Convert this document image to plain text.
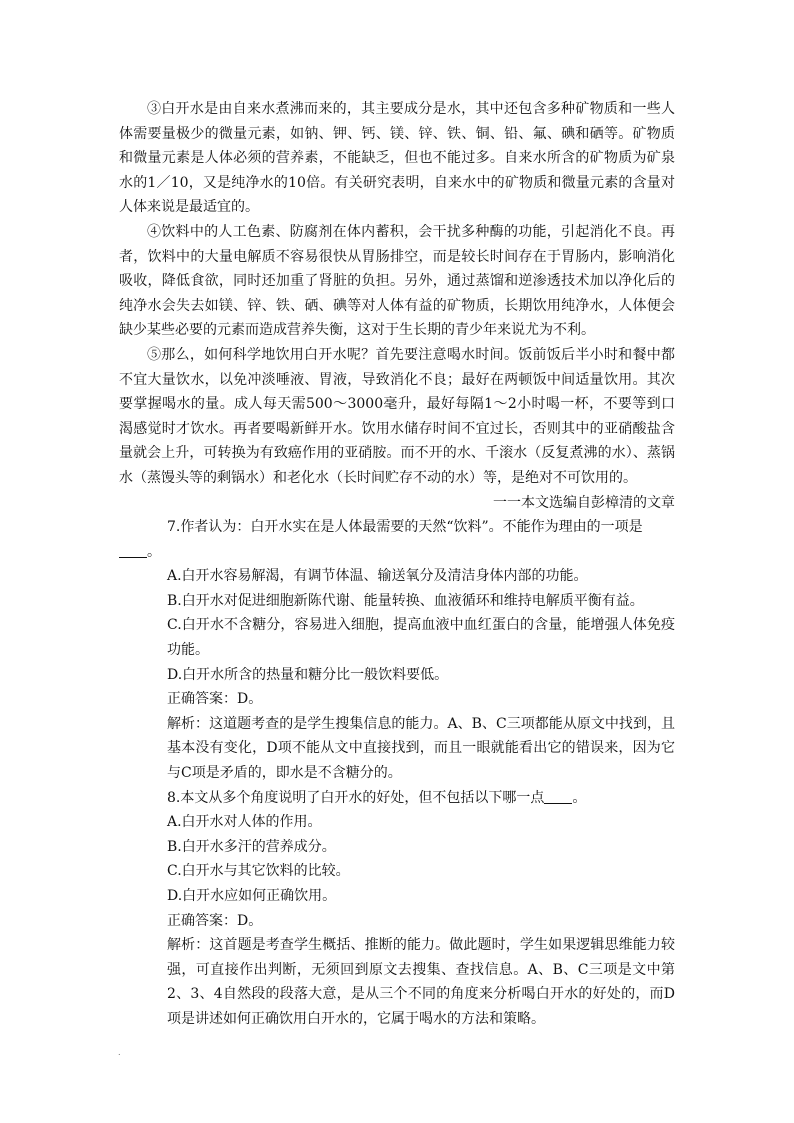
③白开水是由自来水煮沸而来的，其主要成分是水，其中还包含多种矿物质和一些人体需要量极少的微量元素，如钠、钾、钙、镁、锌、铁、铜、铅、氟、碘和硒等。矿物质和微量元素是人体必须的营养素，不能缺乏，但也不能过多。自来水所含的矿物质为矿泉水的1／10，又是纯净水的10倍。有关研究表明，自来水中的矿物质和微量元素的含量对人体来说是最适宜的。

④饮料中的人工色素、防腐剂在体内蓄积，会干扰多种酶的功能，引起消化不良。再者，饮料中的大量电解质不容易很快从胃肠排空，而是较长时间存在于胃肠内，影响消化吸收，降低食欲，同时还加重了肾脏的负担。另外，通过蒸馏和逆渗透技术加以净化后的纯净水会失去如镁、锌、铁、硒、碘等对人体有益的矿物质，长期饮用纯净水，人体便会缺少某些必要的元素而造成营养失衡，这对于生长期的青少年来说尤为不利。

⑤那么，如何科学地饮用白开水呢？首先要注意喝水时间。饭前饭后半小时和餐中都不宜大量饮水，以免冲淡唾液、胃液，导致消化不良；最好在两顿饭中间适量饮用。其次要掌握喝水的量。成人每天需500～3000毫升，最好每隔1～2小时喝一杯，不要等到口渴感觉时才饮水。再者要喝新鲜开水。饮用水储存时间不宜过长，否则其中的亚硝酸盐含量就会上升，可转换为有致癌作用的亚硝胺。而不开的水、千滚水（反复煮沸的水）、蒸锅水（蒸馒头等的剩锅水）和老化水（长时间贮存不动的水）等，是绝对不可饮用的。

一一本文选编自彭樟清的文章

7.作者认为：白开水实在是人体最需要的天然“饮料”。不能作为理由的一项是

。

A.白开水容易解渴，有调节体温、输送氧分及清洁身体内部的功能。

B.白开水对促进细胞新陈代谢、能量转换、血液循环和维持电解质平衡有益。

C.白开水不含糖分，容易进入细胞，提高血液中血红蛋白的含量，能增强人体免疫功能。

D.白开水所含的热量和糖分比一般饮料要低。

正确答案：D。

解析：这道题考查的是学生搜集信息的能力。A、B、C三项都能从原文中找到，且基本没有变化，D项不能从文中直接找到，而且一眼就能看出它的错误来，因为它与C项是矛盾的，即水是不含糖分的。

8.本文从多个角度说明了白开水的好处，但不包括以下哪一点 。

A.白开水对人体的作用。

B.白开水多汗的营养成分。

C.白开水与其它饮料的比较。

D.白开水应如何正确饮用。

正确答案：D。

解析：这首题是考查学生概括、推断的能力。做此题时，学生如果逻辑思维能力较强，可直接作出判断，无须回到原文去搜集、查找信息。A、B、C三项是文中第2、3、4自然段的段落大意，是从三个不同的角度来分析喝白开水的好处的，而D项是讲述如何正确饮用白开水的，它属于喝水的方法和策略。

.
